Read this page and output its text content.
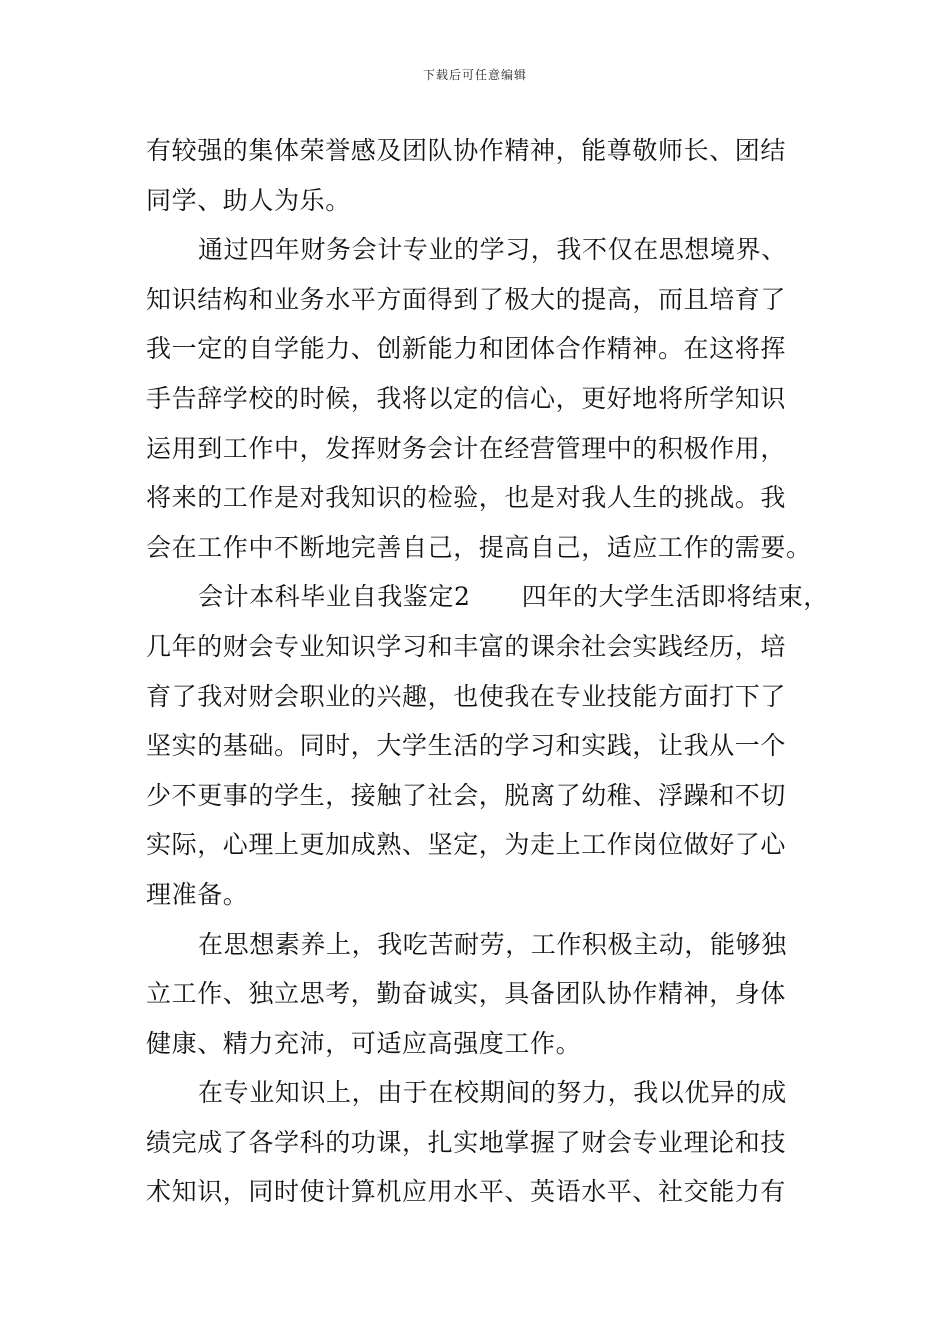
下载后可任意编辑
有较强的集体荣誉感及团队协作精神，能尊敬师长、团结
同学、助人为乐。
通过四年财务会计专业的学习，我不仅在思想境界、
知识结构和业务水平方面得到了极大的提高，而且培育了
我一定的自学能力、创新能力和团体合作精神。在这将挥
手告辞学校的时候，我将以定的信心，更好地将所学知识
运用到工作中，发挥财务会计在经营管理中的积极作用，
将来的工作是对我知识的检验，也是对我人生的挑战。我
会在工作中不断地完善自己，提高自己，适应工作的需要。
会计本科毕业自我鉴定2　　四年的大学生活即将结束，
几年的财会专业知识学习和丰富的课余社会实践经历，培
育了我对财会职业的兴趣，也使我在专业技能方面打下了
坚实的基础。同时，大学生活的学习和实践，让我从一个
少不更事的学生，接触了社会，脱离了幼稚、浮躁和不切
实际，心理上更加成熟、坚定，为走上工作岗位做好了心
理准备。
在思想素养上，我吃苦耐劳，工作积极主动，能够独
立工作、独立思考，勤奋诚实，具备团队协作精神，身体
健康、精力充沛，可适应高强度工作。
在专业知识上，由于在校期间的努力，我以优异的成
绩完成了各学科的功课，扎实地掌握了财会专业理论和技
术知识，同时使计算机应用水平、英语水平、社交能力有
